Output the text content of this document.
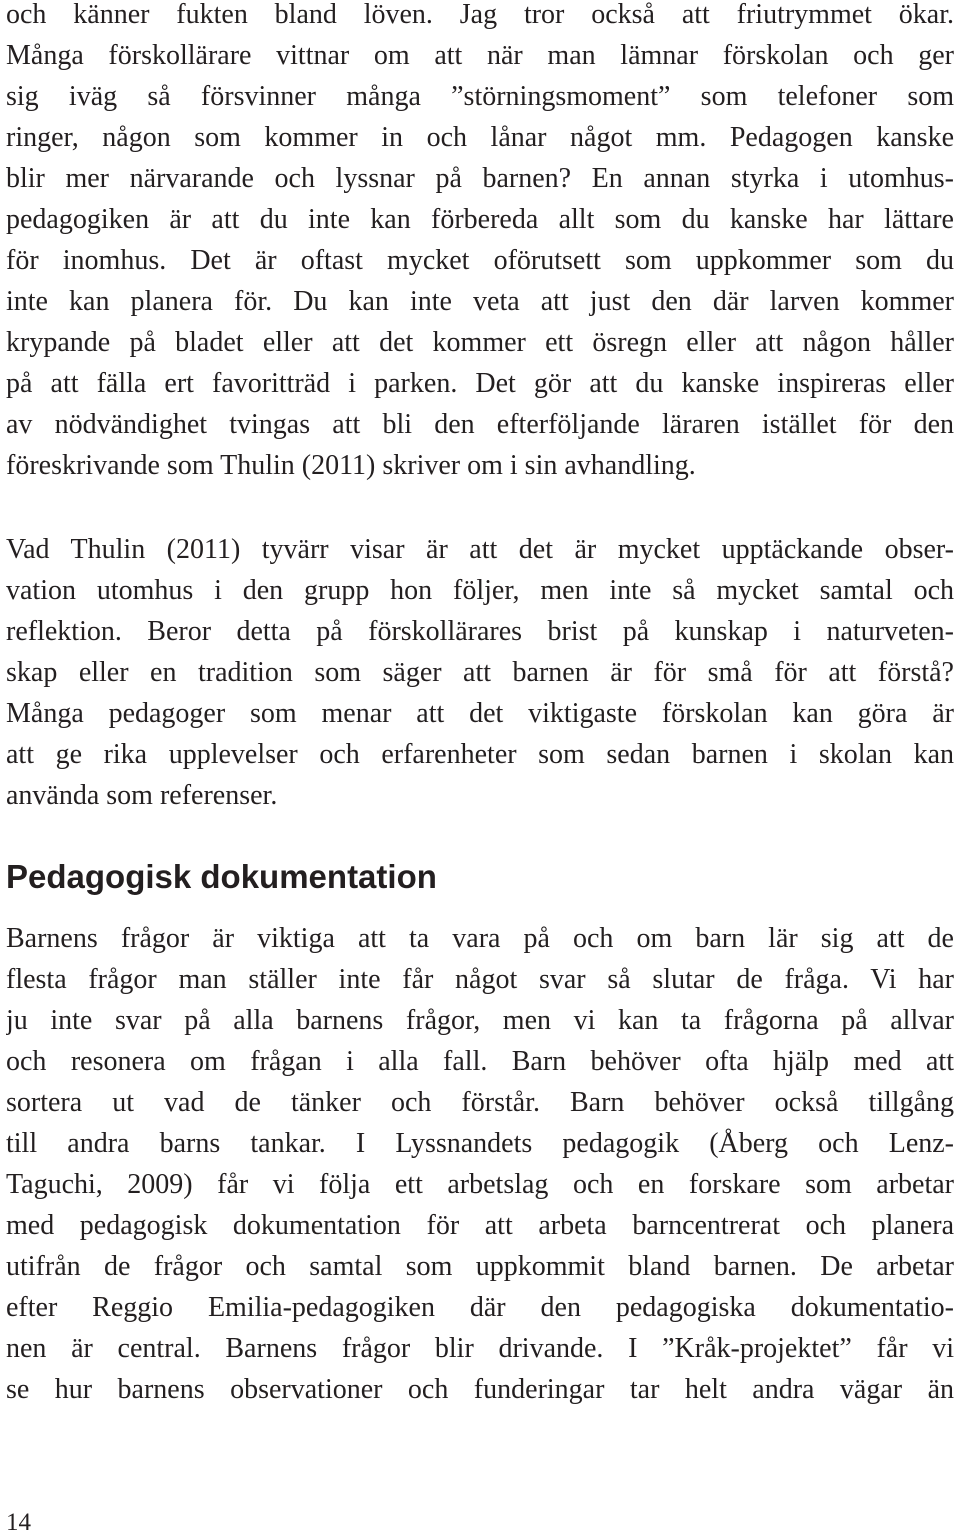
och känner fukten bland löven. Jag tror också att friutrymmet ökar.
Många förskollärare vittnar om att när man lämnar förskolan och ger
sig iväg så försvinner många ”störningsmoment” som telefoner som
ringer, någon som kommer in och lånar något mm. Pedagogen kanske
blir mer närvarande och lyssnar på barnen? En annan styrka i utomhus-
pedagogiken är att du inte kan förbereda allt som du kanske har lättare
för inomhus. Det är oftast mycket oförutsett som uppkommer som du
inte kan planera för. Du kan inte veta att just den där larven kommer
krypande på bladet eller att det kommer ett ösregn eller att någon håller
på att fälla ert favoritträd i parken. Det gör att du kanske inspireras eller
av nödvändighet tvingas att bli den efterföljande läraren istället för den
föreskrivande som Thulin (2011) skriver om i sin avhandling.
Vad Thulin (2011) tyvärr visar är att det är mycket upptäckande obser-
vation utomhus i den grupp hon följer, men inte så mycket samtal och
reflektion. Beror detta på förskollärares brist på kunskap i naturveten-
skap eller en tradition som säger att barnen är för små för att förstå?
Många pedagoger som menar att det viktigaste förskolan kan göra är
att ge rika upplevelser och erfarenheter som sedan barnen i skolan kan
använda som referenser.
Pedagogisk dokumentation
Barnens frågor är viktiga att ta vara på och om barn lär sig att de
flesta frågor man ställer inte får något svar så slutar de fråga. Vi har
ju inte svar på alla barnens frågor, men vi kan ta frågorna på allvar
och resonera om frågan i alla fall. Barn behöver ofta hjälp med att
sortera ut vad de tänker och förstår. Barn behöver också tillgång
till andra barns tankar. I Lyssnandets pedagogik (Åberg och Lenz-
Taguchi, 2009) får vi följa ett arbetslag och en forskare som arbetar
med pedagogisk dokumentation för att arbeta barncentrerat och planera
utifrån de frågor och samtal som uppkommit bland barnen. De arbetar
efter Reggio Emilia-pedagogiken där den pedagogiska dokumentatio-
nen är central. Barnens frågor blir drivande. I ”Kråk-projektet” får vi
se hur barnens observationer och funderingar tar helt andra vägar än
14
